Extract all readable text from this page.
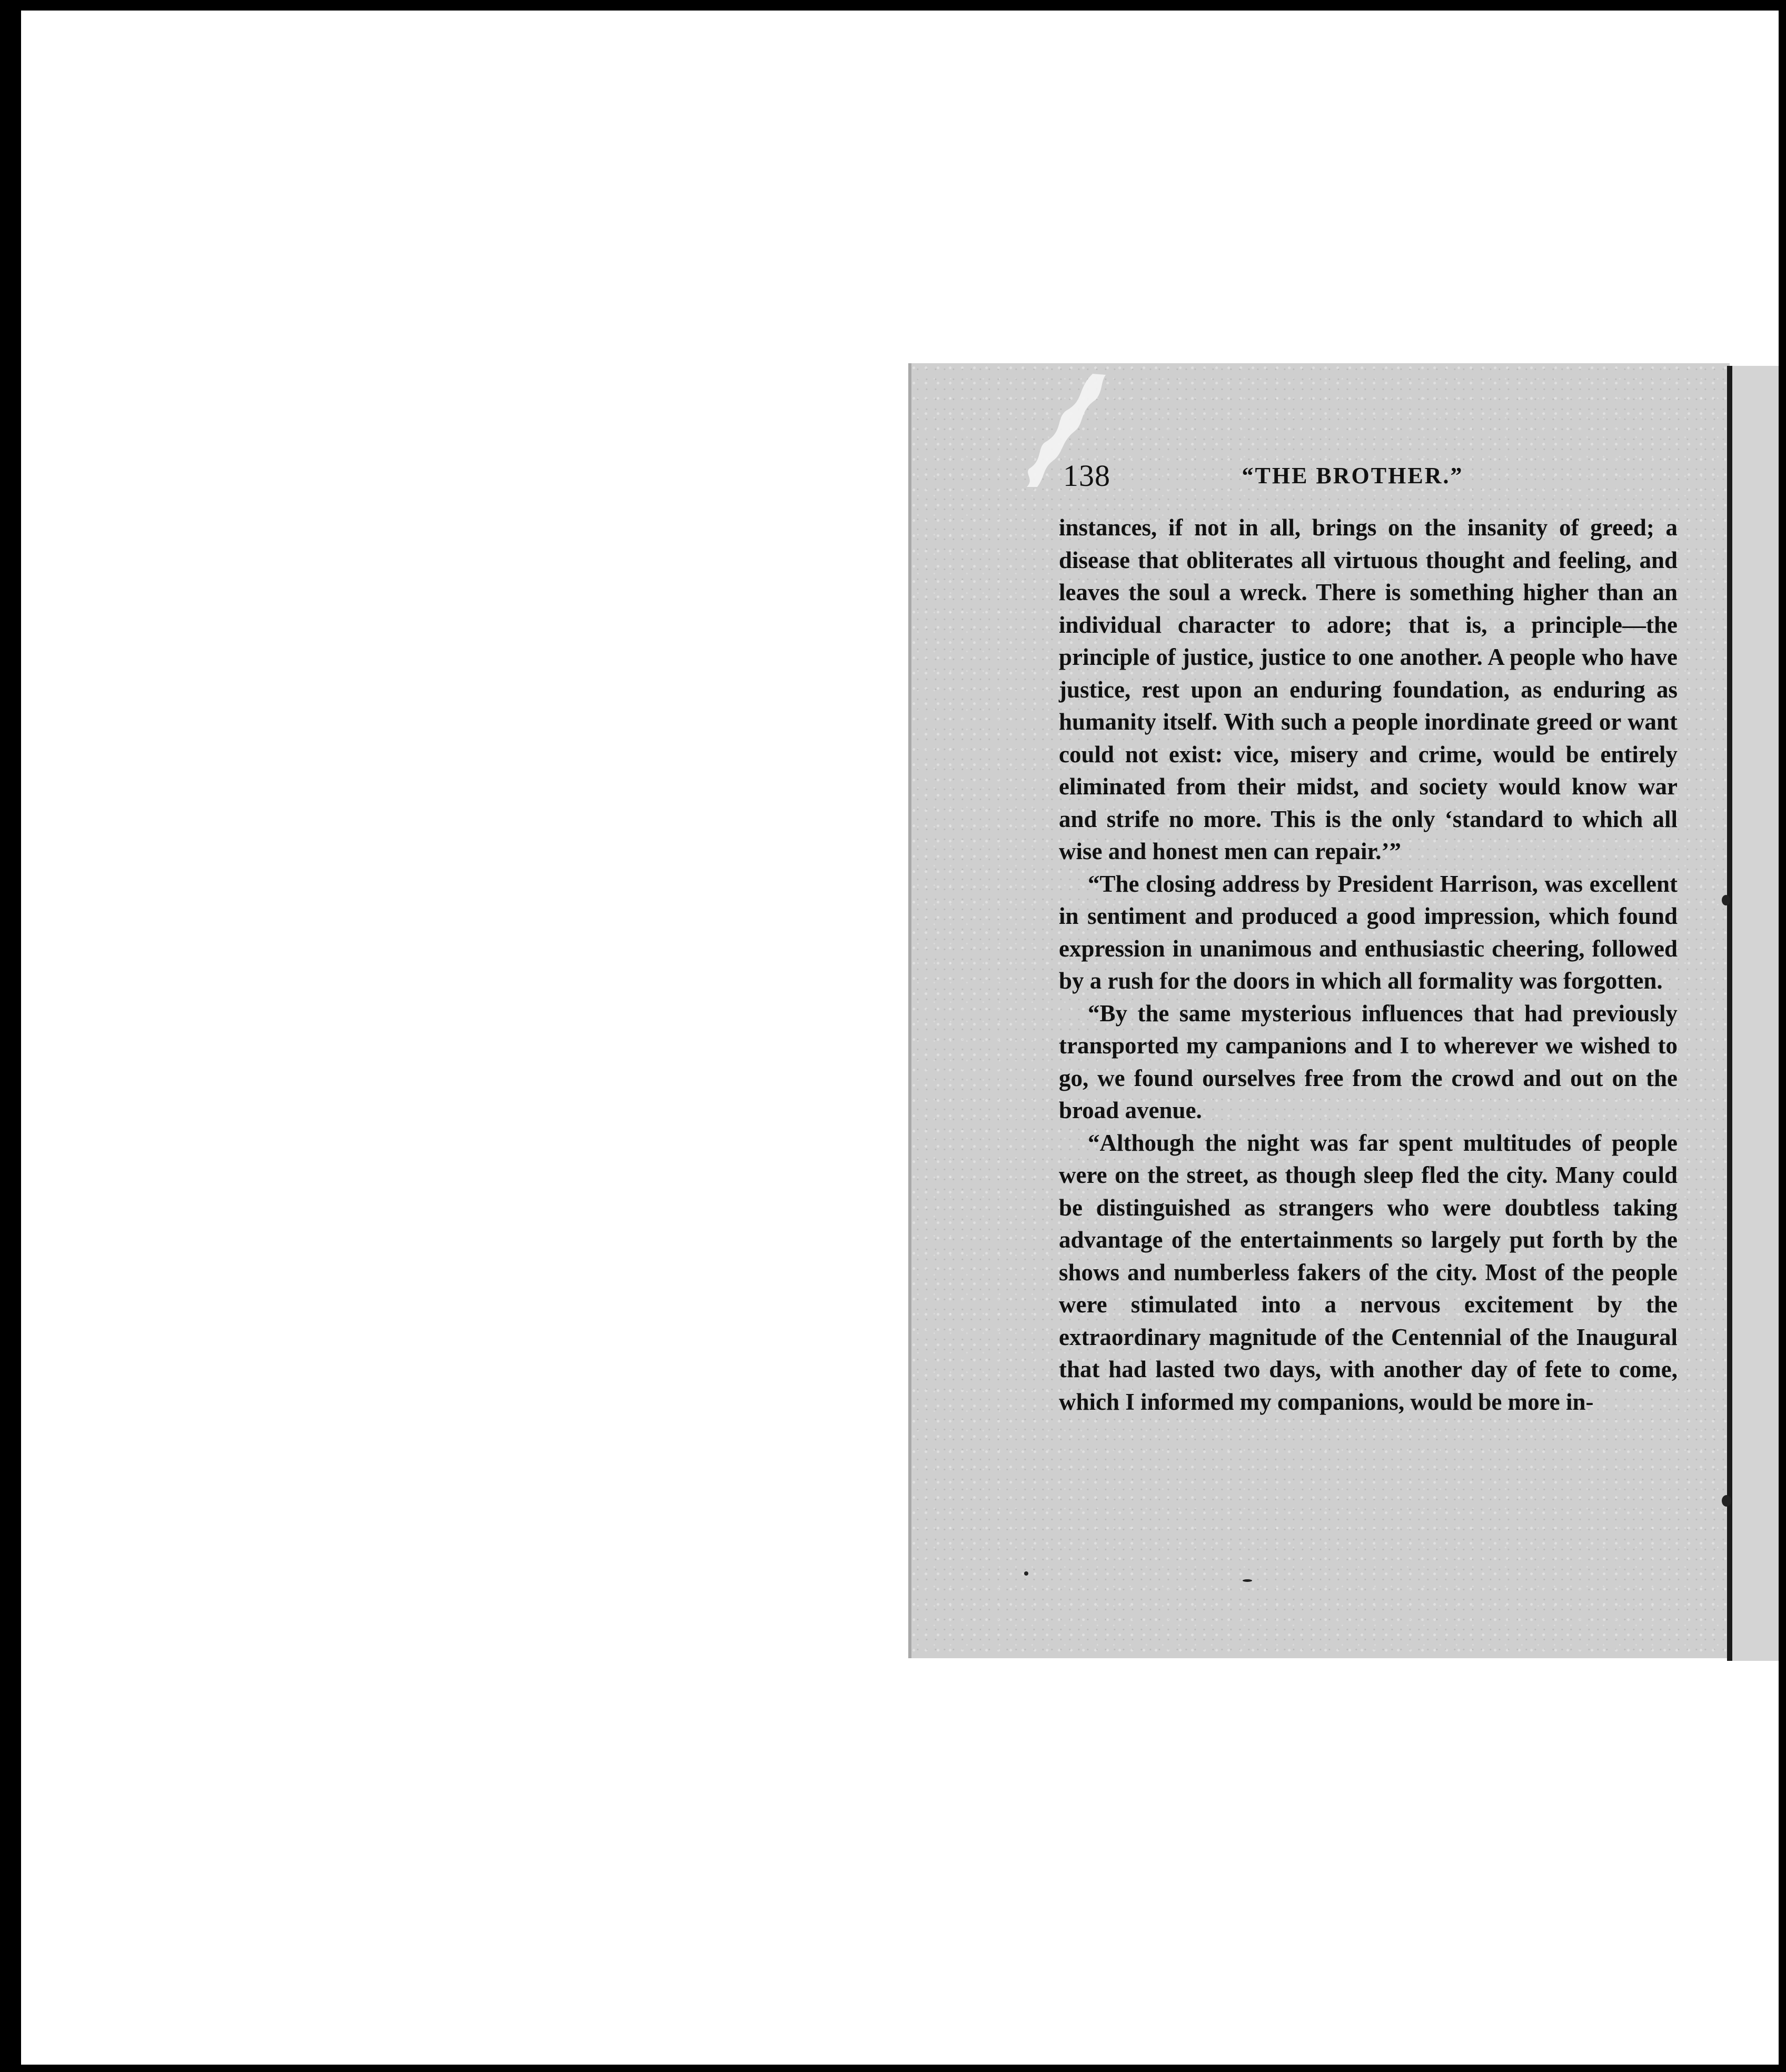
138	“THE BROTHER.”

instances, if not in all, brings on the insanity of greed; a disease that obliterates all virtuous thought and feeling, and leaves the soul a wreck. There is something higher than an individual character to adore; that is, a principle—the principle of justice, justice to one another. A people who have justice, rest upon an enduring foundation, as enduring as humanity itself. With such a people inordinate greed or want could not exist: vice, misery and crime, would be entirely eliminated from their midst, and society would know war and strife no more. This is the only ‘standard to which all wise and honest men can repair.’”

“The closing address by President Harrison, was excellent in sentiment and produced a good impression, which found expression in unanimous and enthusiastic cheering, followed by a rush for the doors in which all formality was forgotten.

“By the same mysterious influences that had previously transported my campanions and I to wherever we wished to go, we found ourselves free from the crowd and out on the broad avenue.

“Although the night was far spent multitudes of people were on the street, as though sleep fled the city. Many could be distinguished as strangers who were doubtless taking advantage of the entertainments so largely put forth by the shows and numberless fakers of the city. Most of the people were stimulated into a nervous excitement by the extraordinary magnitude of the Centennial of the Inaugural that had lasted two days, with another day of fete to come, which I informed my companions, would be more in-
